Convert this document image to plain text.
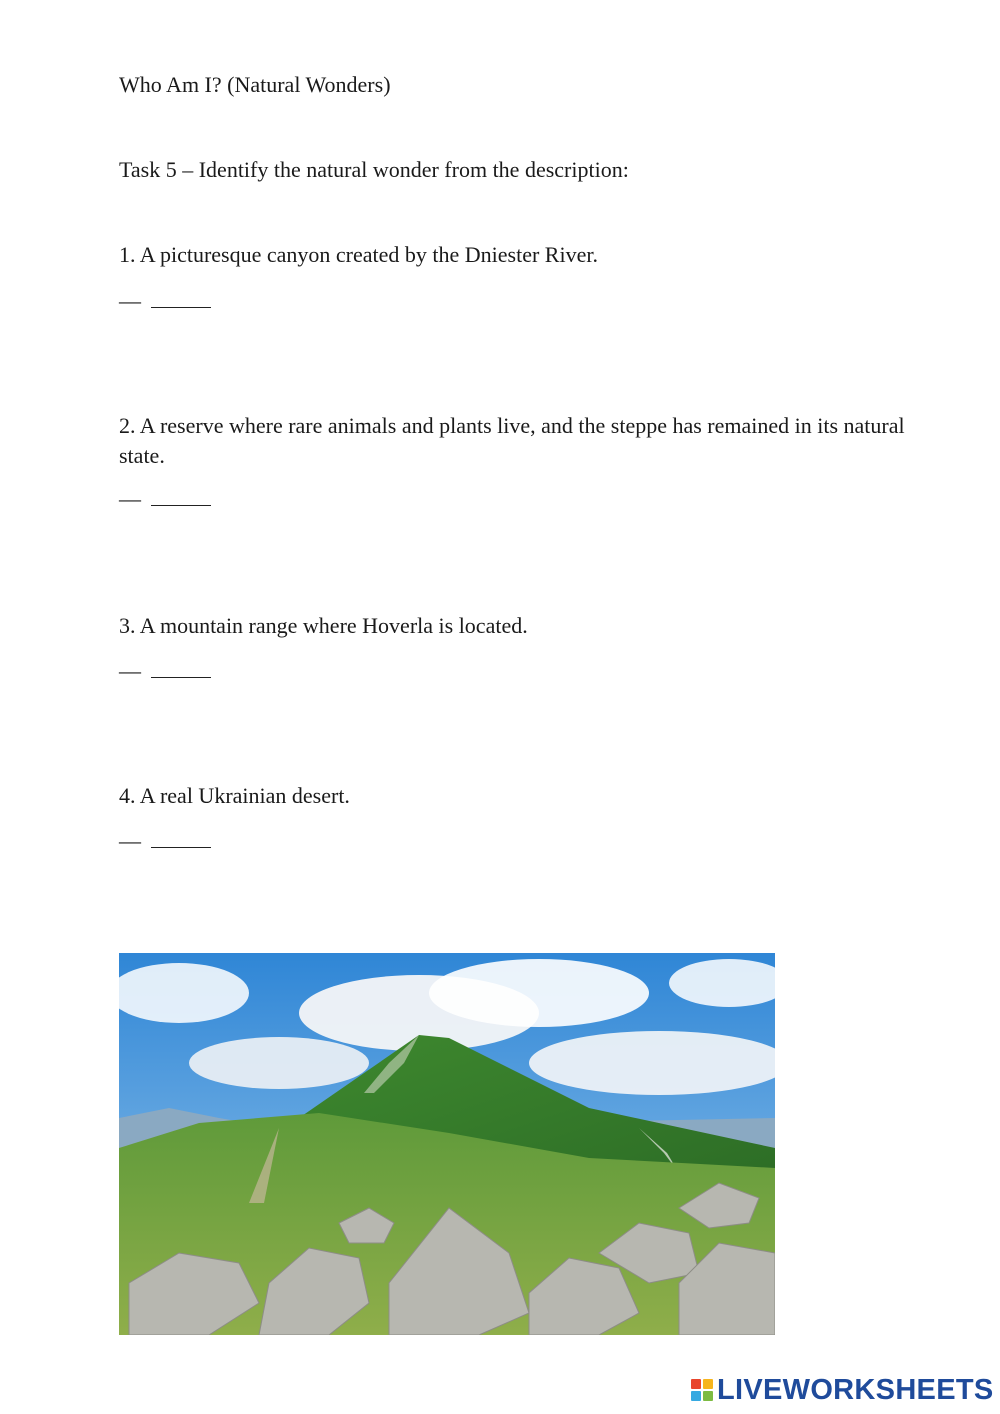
Who Am I? (Natural Wonders)
Task 5 – Identify the natural wonder from the description:
1. A picturesque canyon created by the Dniester River.
—
2. A reserve where rare animals and plants live, and the steppe has remained in its natural state.
—
3. A mountain range where Hoverla is located.
—
4. A real Ukrainian desert.
—
LIVEWORKSHEETS
